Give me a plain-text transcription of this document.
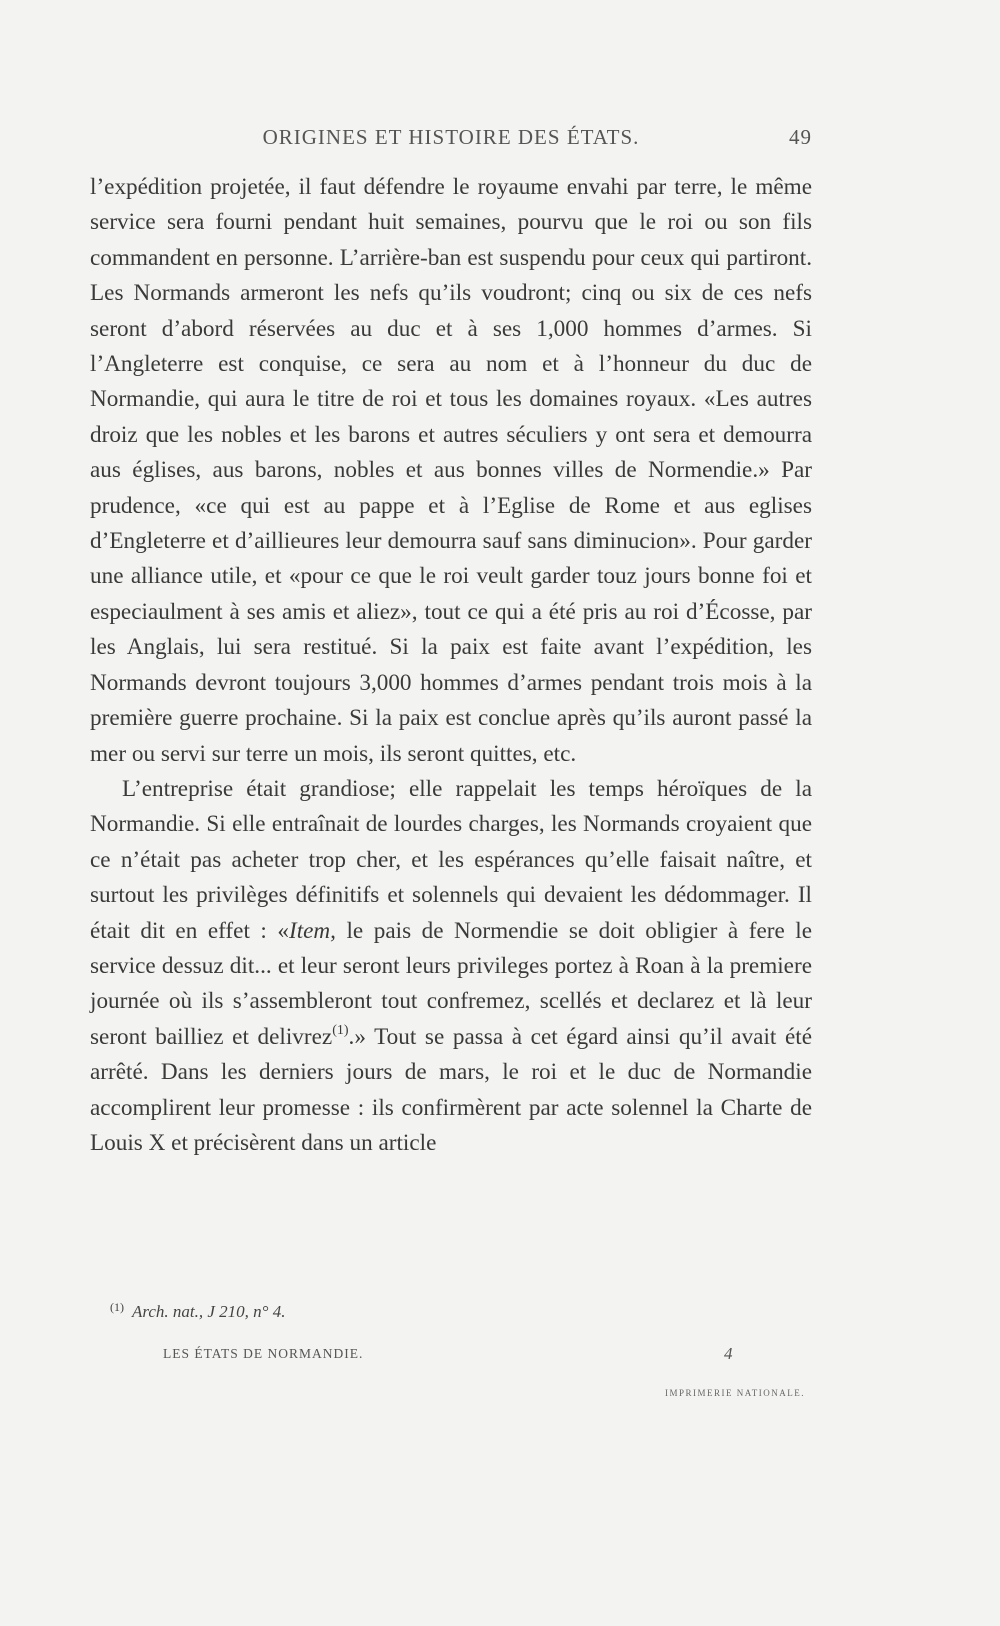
ORIGINES ET HISTOIRE DES ÉTATS.	49

l’expédition projetée, il faut défendre le royaume envahi par terre, le même service sera fourni pendant huit semaines, pourvu que le roi ou son fils commandent en personne. L’arrière-ban est suspendu pour ceux qui partiront. Les Normands armeront les nefs qu’ils voudront; cinq ou six de ces nefs seront d’abord réservées au duc et à ses 1,000 hommes d’armes. Si l’Angleterre est conquise, ce sera au nom et à l’honneur du duc de Normandie, qui aura le titre de roi et tous les domaines royaux. «Les autres droiz que les nobles et les barons et autres séculiers y ont sera et demourra aus églises, aus barons, nobles et aus bonnes villes de Normendie.» Par prudence, «ce qui est au pappe et à l’Eglise de Rome et aus eglises d’Engleterre et d’aillieures leur demourra sauf sans diminucion». Pour garder une alliance utile, et «pour ce que le roi veult garder touz jours bonne foi et especiaulment à ses amis et aliez», tout ce qui a été pris au roi d’Écosse, par les Anglais, lui sera restitué. Si la paix est faite avant l’expédition, les Normands devront toujours 3,000 hommes d’armes pendant trois mois à la première guerre prochaine. Si la paix est conclue après qu’ils auront passé la mer ou servi sur terre un mois, ils seront quittes, etc.

L’entreprise était grandiose; elle rappelait les temps héroïques de la Normandie. Si elle entraînait de lourdes charges, les Normands croyaient que ce n’était pas acheter trop cher, et les espérances qu’elle faisait naître, et surtout les privilèges définitifs et solennels qui devaient les dédommager. Il était dit en effet : «Item, le pais de Normendie se doit obligier à fere le service dessuz dit... et leur seront leurs privileges portez à Roan à la premiere journée où ils s’assembleront tout confremez, scellés et declarez et là leur seront bailliez et delivrez$^{(1)}$.» Tout se passa à cet égard ainsi qu’il avait été arrêté. Dans les derniers jours de mars, le roi et le duc de Normandie accomplirent leur promesse : ils confirmèrent par acte solennel la Charte de Louis X et précisèrent dans un article

$^{(1)}$ Arch. nat., J 210, n° 4.
LES ÉTATS DE NORMANDIE.	4
IMPRIMERIE NATIONALE.
